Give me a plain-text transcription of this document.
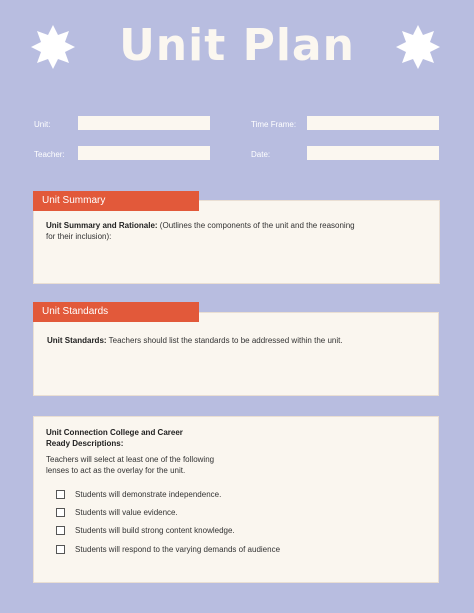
Unit Plan
Unit:	Time Frame:
Teacher:	Date:
Unit Summary and Rationale: (Outlines the components of the unit and the reasoning for their inclusion):
Unit Summary
Unit Standards: Teachers should list the standards to be addressed within the unit.
Unit Standards
Unit Connection College and Career
Ready Descriptions:
Teachers will select at least one of the following
lenses to act as the overlay for the unit.
Students will demonstrate independence.
Students will value evidence.
Students will build strong content knowledge.
Students will respond to the varying demands of audience
